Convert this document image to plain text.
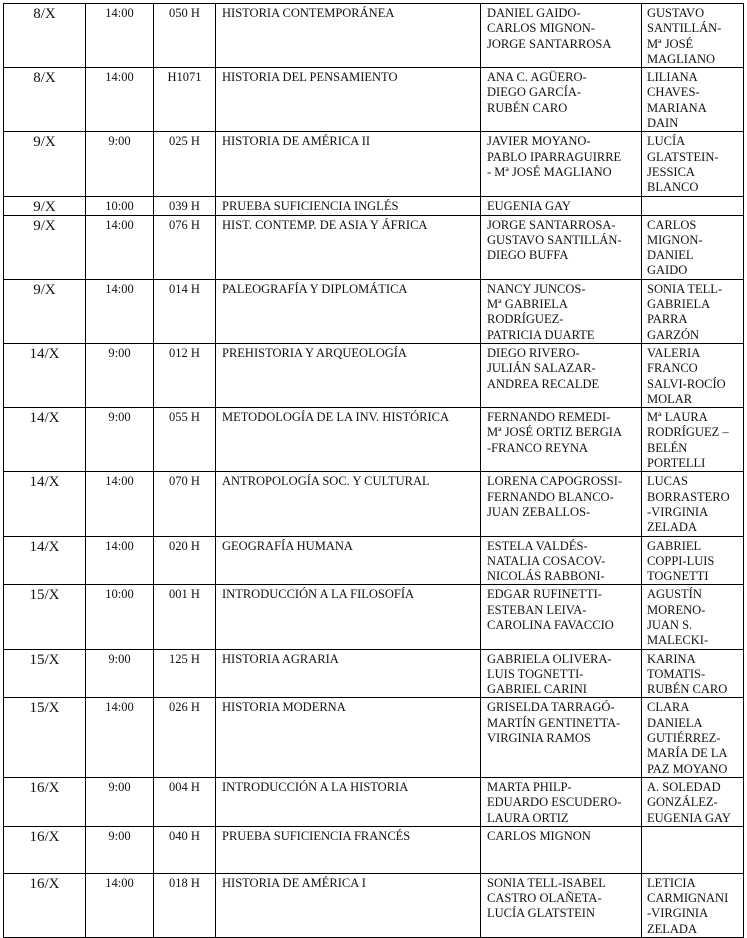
8/X	14:00	050 H	HISTORIA CONTEMPORÁNEA	DANIEL GAIDO-
CARLOS MIGNON-
JORGE SANTARROSA	GUSTAVO
SANTILLÁN-
Mª JOSÉ
MAGLIANO
8/X	14:00	H1071	HISTORIA DEL PENSAMIENTO	ANA C. AGÜERO-
DIEGO GARCÍA-
RUBÉN CARO	LILIANA
CHAVES-
MARIANA
DAIN
9/X	9:00	025 H	HISTORIA DE AMÉRICA II	JAVIER MOYANO-
PABLO IPARRAGUIRRE
- Mª JOSÉ MAGLIANO	LUCÍA
GLATSTEIN-
JESSICA
BLANCO
9/X	10:00	039 H	PRUEBA SUFICIENCIA INGLÉS	EUGENIA GAY	
9/X	14:00	076 H	HIST. CONTEMP. DE ASIA Y ÁFRICA	JORGE SANTARROSA-
GUSTAVO SANTILLÁN-
DIEGO BUFFA	CARLOS
MIGNON-
DANIEL
GAIDO
9/X	14:00	014 H	PALEOGRAFÍA Y DIPLOMÁTICA	NANCY JUNCOS-
Mª GABRIELA
RODRÍGUEZ-
PATRICIA DUARTE	SONIA TELL-
GABRIELA
PARRA
GARZÓN
14/X	9:00	012 H	PREHISTORIA Y ARQUEOLOGÍA	DIEGO RIVERO-
JULIÁN SALAZAR-
ANDREA RECALDE	VALERIA
FRANCO
SALVI-ROCÍO
MOLAR
14/X	9:00	055 H	METODOLOGÍA DE LA INV. HISTÓRICA	FERNANDO REMEDI-
Mª JOSÉ ORTIZ BERGIA
-FRANCO REYNA	Mª LAURA
RODRÍGUEZ –
BELÉN
PORTELLI
14/X	14:00	070 H	ANTROPOLOGÍA SOC. Y CULTURAL	LORENA CAPOGROSSI-
FERNANDO BLANCO-
JUAN ZEBALLOS-	LUCAS
BORRASTERO
-VIRGINIA
ZELADA
14/X	14:00	020 H	GEOGRAFÍA HUMANA	ESTELA VALDÉS-
NATALIA COSACOV-
NICOLÁS RABBONI-	GABRIEL
COPPI-LUIS
TOGNETTI
15/X	10:00	001 H	INTRODUCCIÓN A LA FILOSOFÍA	EDGAR RUFINETTI-
ESTEBAN LEIVA-
CAROLINA FAVACCIO	AGUSTÍN
MORENO-
JUAN S.
MALECKI-
15/X	9:00	125 H	HISTORIA AGRARIA	GABRIELA OLIVERA-
LUIS TOGNETTI-
GABRIEL CARINI	KARINA
TOMATIS-
RUBÉN CARO
15/X	14:00	026 H	HISTORIA MODERNA	GRISELDA TARRAGÓ-
MARTÍN GENTINETTA-
VIRGINIA RAMOS	CLARA
DANIELA
GUTIÉRREZ-
MARÍA DE LA
PAZ MOYANO
16/X	9:00	004 H	INTRODUCCIÓN A LA HISTORIA	MARTA PHILP-
EDUARDO ESCUDERO-
LAURA ORTIZ	A. SOLEDAD
GONZÁLEZ-
EUGENIA GAY
16/X	9:00	040 H	PRUEBA SUFICIENCIA FRANCÉS	CARLOS MIGNON	
16/X	14:00	018 H	HISTORIA DE AMÉRICA I	SONIA TELL-ISABEL
CASTRO OLAÑETA-
LUCÍA GLATSTEIN	LETICIA
CARMIGNANI
-VIRGINIA
ZELADA
